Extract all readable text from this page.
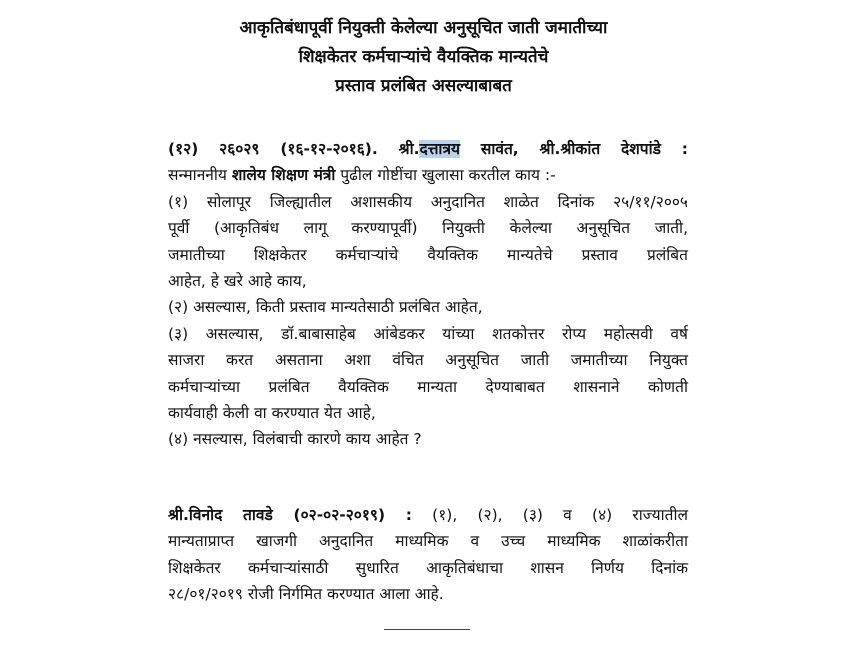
आकृतिबंधापूर्वी नियुक्ती केलेल्या अनुसूचित जाती जमातीच्या
शिक्षकेतर कर्मचाऱ्यांचे वैयक्तिक मान्यतेचे
प्रस्ताव प्रलंबित असल्याबाबत
(१२) २६०२९ (१६-१२-२०१६). श्री.दत्तात्रय सावंत, श्री.श्रीकांत देशपांडे :
सन्माननीय शालेय शिक्षण मंत्री पुढील गोष्टींचा खुलासा करतील काय :-
(१) सोलापूर जिल्ह्यातील अशासकीय अनुदानित शाळेत दिनांक २५/११/२००५
पूर्वी (आकृतिबंध लागू करण्यापूर्वी) नियुक्ती केलेल्या अनुसूचित जाती,
जमातीच्या शिक्षकेतर कर्मचाऱ्यांचे वैयक्तिक मान्यतेचे प्रस्ताव प्रलंबित
आहेत, हे खरे आहे काय,
(२) असल्यास, किती प्रस्ताव मान्यतेसाठी प्रलंबित आहेत,
(३) असल्यास, डॉ.बाबासाहेब आंबेडकर यांच्या शतकोत्तर रोप्य महोत्सवी वर्ष
साजरा करत असताना अशा वंचित अनुसूचित जाती जमातीच्या नियुक्त
कर्मचाऱ्यांच्या प्रलंबित वैयक्तिक मान्यता देण्याबाबत शासनाने कोणती
कार्यवाही केली वा करण्यात येत आहे,
(४) नसल्यास, विलंबाची कारणे काय आहेत ?
श्री.विनोद तावडे (०२-०२-२०१९) : (१), (२), (३) व (४) राज्यातील
मान्यताप्राप्त खाजगी अनुदानित माध्यमिक व उच्च माध्यमिक शाळांकरीता
शिक्षकेतर कर्मचाऱ्यांसाठी सुधारित आकृतिबंधाचा शासन निर्णय दिनांक
२८/०१/२०१९ रोजी निर्गमित करण्यात आला आहे.
